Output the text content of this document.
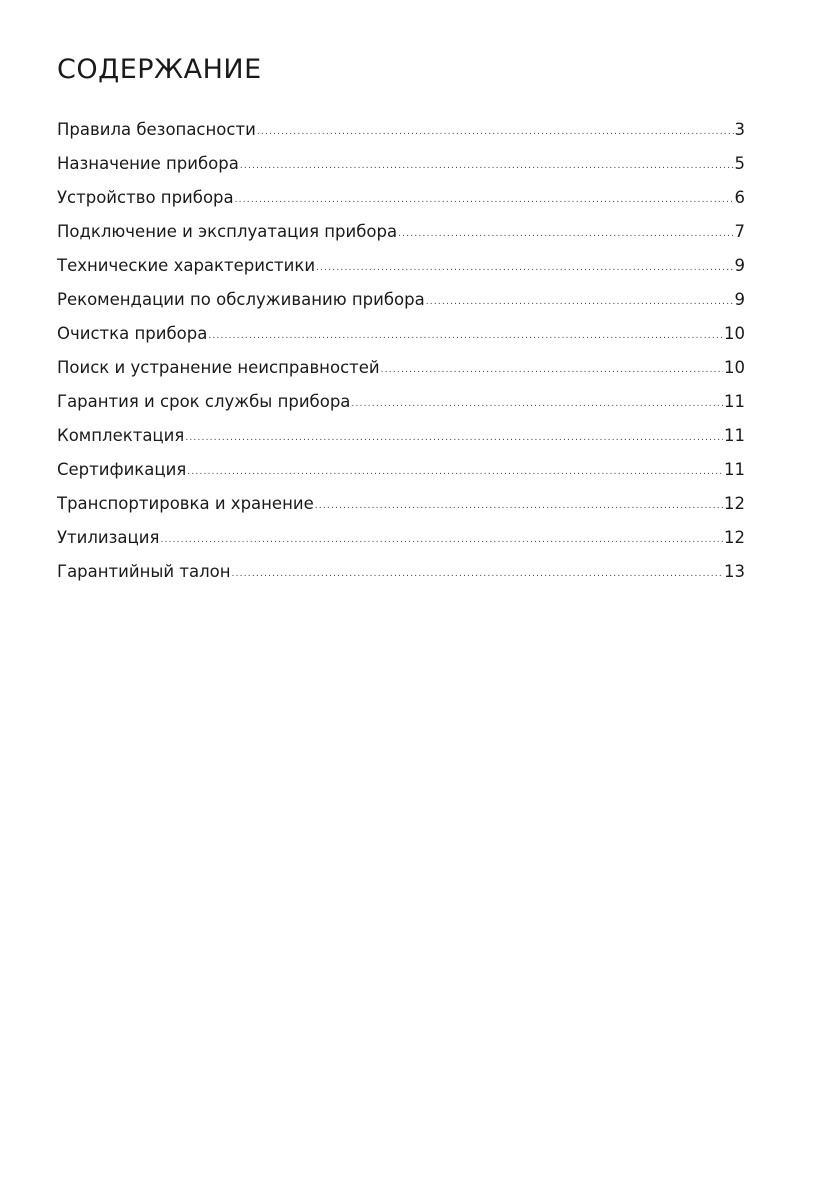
СОДЕРЖАНИЕ
Правила безопасности .....	3
Назначение прибора .....	5
Устройство прибора .....	6
Подключение и эксплуатация прибора .....	7
Технические характеристики .....	9
Рекомендации по обслуживанию прибора .....	9
Очистка прибора .....	10
Поиск и устранение неисправностей .....	10
Гарантия и срок службы прибора .....	11
Комплектация .....	11
Сертификация .....	11
Транспортировка и хранение .....	12
Утилизация .....	12
Гарантийный талон .....	13
